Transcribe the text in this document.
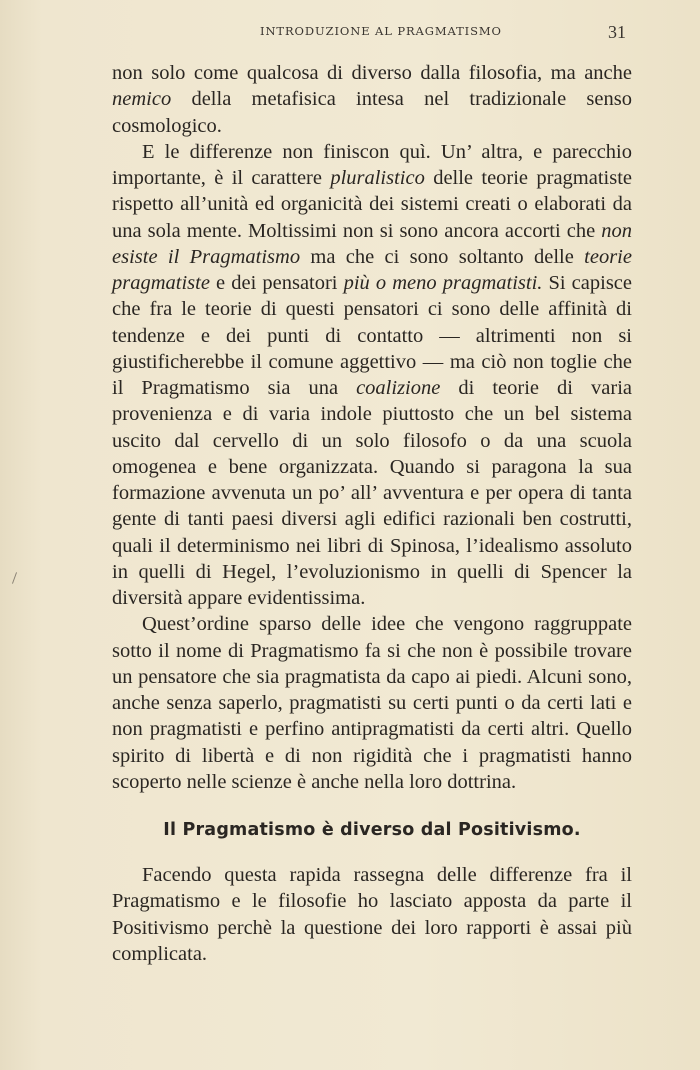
INTRODUZIONE AL PRAGMATISMO	31

non solo come qualcosa di diverso dalla filosofia, ma anche nemico della metafisica intesa nel tradizionale senso cosmologico.

E le differenze non finiscon quì. Un’ altra, e parecchio importante, è il carattere pluralistico delle teorie pragmatiste rispetto all’unità ed organicità dei sistemi creati o elaborati da una sola mente. Moltissimi non si sono ancora accorti che non esiste il Pragmatismo ma che ci sono soltanto delle teorie pragmatiste e dei pensatori più o meno pragmatisti. Si capisce che fra le teorie di questi pensatori ci sono delle affinità di tendenze e dei punti di contatto — altrimenti non si giustificherebbe il comune aggettivo — ma ciò non toglie che il Pragmatismo sia una coalizione di teorie di varia provenienza e di varia indole piuttosto che un bel sistema uscito dal cervello di un solo filosofo o da una scuola omogenea e bene organizzata. Quando si paragona la sua formazione avvenuta un po’ all’ avventura e per opera di tanta gente di tanti paesi diversi agli edifici razionali ben costrutti, quali il determinismo nei libri di Spinosa, l’idealismo assoluto in quelli di Hegel, l’evoluzionismo in quelli di Spencer la diversità appare evidentissima.

Quest’ordine sparso delle idee che vengono raggruppate sotto il nome di Pragmatismo fa si che non è possibile trovare un pensatore che sia pragmatista da capo ai piedi. Alcuni sono, anche senza saperlo, pragmatisti su certi punti o da certi lati e non pragmatisti e perfino antipragmatisti da certi altri. Quello spirito di libertà e di non rigidità che i pragmatisti hanno scoperto nelle scienze è anche nella loro dottrina.

Il Pragmatismo è diverso dal Positivismo.

Facendo questa rapida rassegna delle differenze fra il Pragmatismo e le filosofie ho lasciato apposta da parte il Positivismo perchè la questione dei loro rapporti è assai più complicata.
